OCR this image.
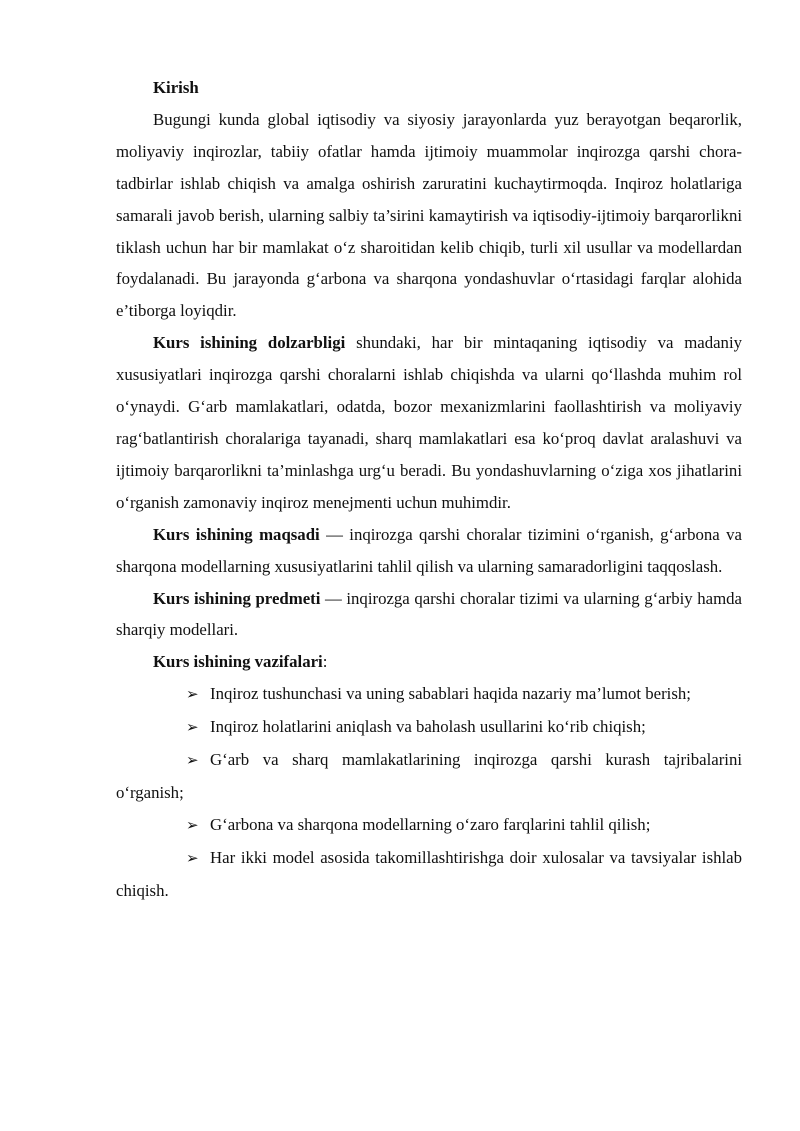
Kirish

Bugungi kunda global iqtisodiy va siyosiy jarayonlarda yuz berayotgan beqarorlik, moliyaviy inqirozlar, tabiiy ofatlar hamda ijtimoiy muammolar inqirozga qarshi chora-tadbirlar ishlab chiqish va amalga oshirish zaruratini kuchaytirmoqda. Inqiroz holatlariga samarali javob berish, ularning salbiy ta’sirini kamaytirish va iqtisodiy-ijtimoiy barqarorlikni tiklash uchun har bir mamlakat o‘z sharoitidan kelib chiqib, turli xil usullar va modellardan foydalanadi. Bu jarayonda g‘arbona va sharqona yondashuvlar o‘rtasidagi farqlar alohida e’tiborga loyiqdir.

Kurs ishining dolzarbligi shundaki, har bir mintaqaning iqtisodiy va madaniy xususiyatlari inqirozga qarshi choralarni ishlab chiqishda va ularni qo‘llashda muhim rol o‘ynaydi. G‘arb mamlakatlari, odatda, bozor mexanizmlarini faollashtirish va moliyaviy rag‘batlantirish choralariga tayanadi, sharq mamlakatlari esa ko‘proq davlat aralashuvi va ijtimoiy barqarorlikni ta’minlashga urg‘u beradi. Bu yondashuvlarning o‘ziga xos jihatlarini o‘rganish zamonaviy inqiroz menejmenti uchun muhimdir.

Kurs ishining maqsadi — inqirozga qarshi choralar tizimini o‘rganish, g‘arbona va sharqona modellarning xususiyatlarini tahlil qilish va ularning samaradorligini taqqoslash.

Kurs ishining predmeti — inqirozga qarshi choralar tizimi va ularning g‘arbiy hamda sharqiy modellari.

Kurs ishining vazifalari:

➢ Inqiroz tushunchasi va uning sabablari haqida nazariy ma’lumot berish;

➢ Inqiroz holatlarini aniqlash va baholash usullarini ko‘rib chiqish;

➢ G‘arb va sharq mamlakatlarining inqirozga qarshi kurash tajribalarini o‘rganish;

➢ G‘arbona va sharqona modellarning o‘zaro farqlarini tahlil qilish;

➢ Har ikki model asosida takomillashtirishga doir xulosalar va tavsiyalar ishlab chiqish.
